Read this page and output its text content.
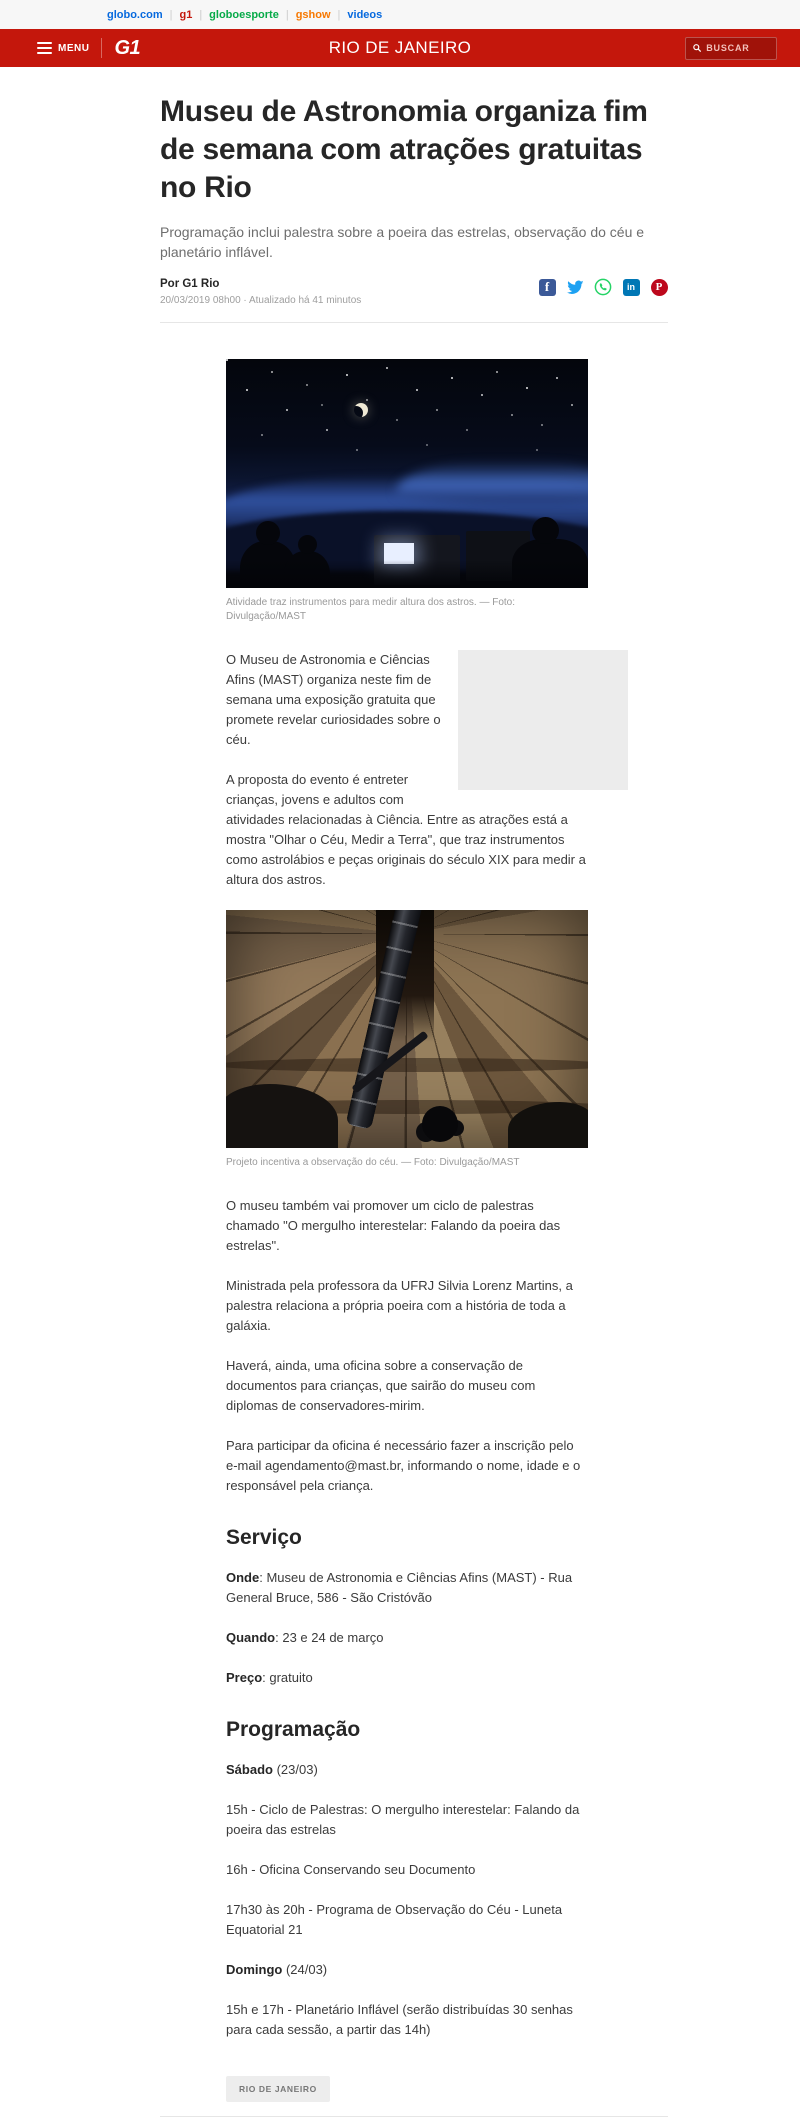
globo.com | g1 | globoesporte | gshow | videos
MENU G1	RIO DE JANEIRO
BUSCAR
Museu de Astronomia organiza fim de semana com atrações gratuitas no Rio

Programação inclui palestra sobre a poeira das estrelas, observação do céu e planetário inflável.

Por G1 Rio
20/03/2019 08h00 · Atualizado há 41 minutos
f	in	P
Atividade traz instrumentos para medir altura dos astros. — Foto: Divulgação/MAST

O Museu de Astronomia e Ciências Afins (MAST) organiza neste fim de semana uma exposição gratuita que promete revelar curiosidades sobre o céu.

A proposta do evento é entreter crianças, jovens e adultos com atividades relacionadas à Ciência. Entre as atrações está a mostra "Olhar o Céu, Medir a Terra", que traz instrumentos como astrolábios e peças originais do século XIX para medir a altura dos astros.

Projeto incentiva a observação do céu. — Foto: Divulgação/MAST

O museu também vai promover um ciclo de palestras chamado "O mergulho interestelar: Falando da poeira das estrelas".

Ministrada pela professora da UFRJ Silvia Lorenz Martins, a palestra relaciona a própria poeira com a história de toda a galáxia.

Haverá, ainda, uma oficina sobre a conservação de documentos para crianças, que sairão do museu com diplomas de conservadores-mirim.

Para participar da oficina é necessário fazer a inscrição pelo e-mail agendamento@mast.br, informando o nome, idade e o responsável pela criança.

Serviço

Onde: Museu de Astronomia e Ciências Afins (MAST) - Rua General Bruce, 586 - São Cristóvão

Quando: 23 e 24 de março

Preço: gratuito

Programação

Sábado (23/03)

15h - Ciclo de Palestras: O mergulho interestelar: Falando da poeira das estrelas

16h - Oficina Conservando seu Documento

17h30 às 20h - Programa de Observação do Céu - Luneta Equatorial 21

Domingo (24/03)

15h e 17h - Planetário Inflável (serão distribuídas 30 senhas para cada sessão, a partir das 14h)

RIO DE JANEIRO
